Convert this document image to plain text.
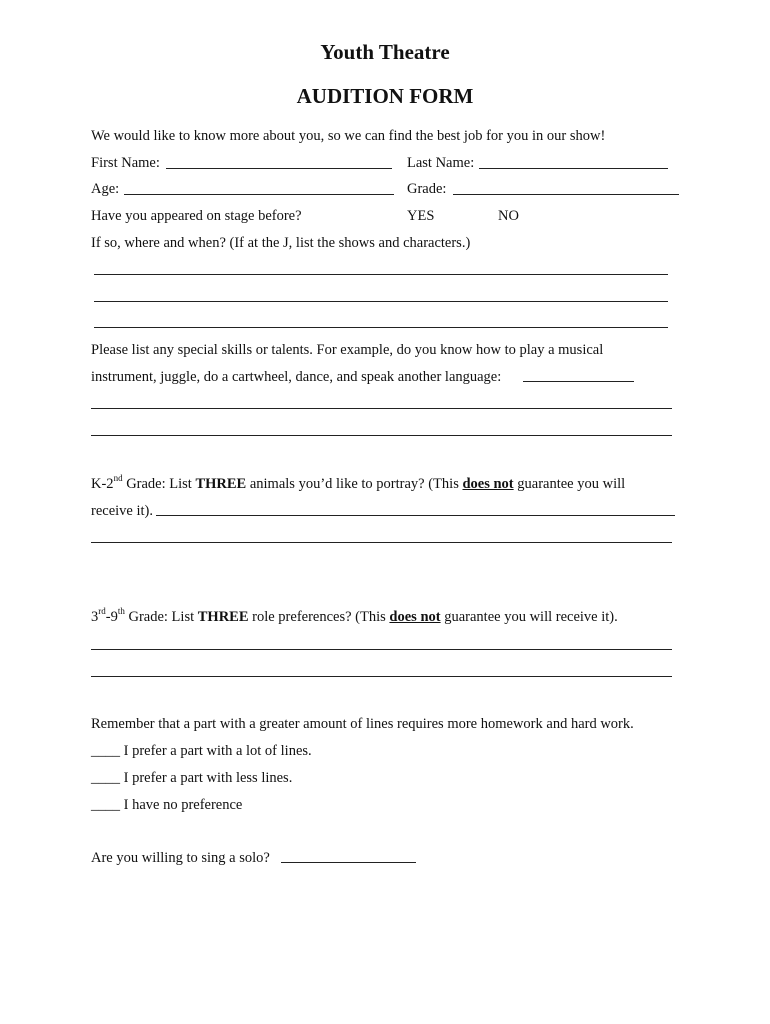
Youth Theatre
AUDITION FORM
We would like to know more about you, so we can find the best job for you in our show!
First Name:	Last Name:
Age:	Grade:
Have you appeared on stage before?	YES	NO
If so, where and when? (If at the J, list the shows and characters.)
Please list any special skills or talents. For example, do you know how to play a musical
instrument, juggle, do a cartwheel, dance, and speak another language:
K-2nd Grade: List THREE animals you’d like to portray? (This does not guarantee you will
receive it).
3rd-9th Grade: List THREE role preferences? (This does not guarantee you will receive it).
Remember that a part with a greater amount of lines requires more homework and hard work.
____ I prefer a part with a lot of lines.
____ I prefer a part with less lines.
____ I have no preference
Are you willing to sing a solo?
